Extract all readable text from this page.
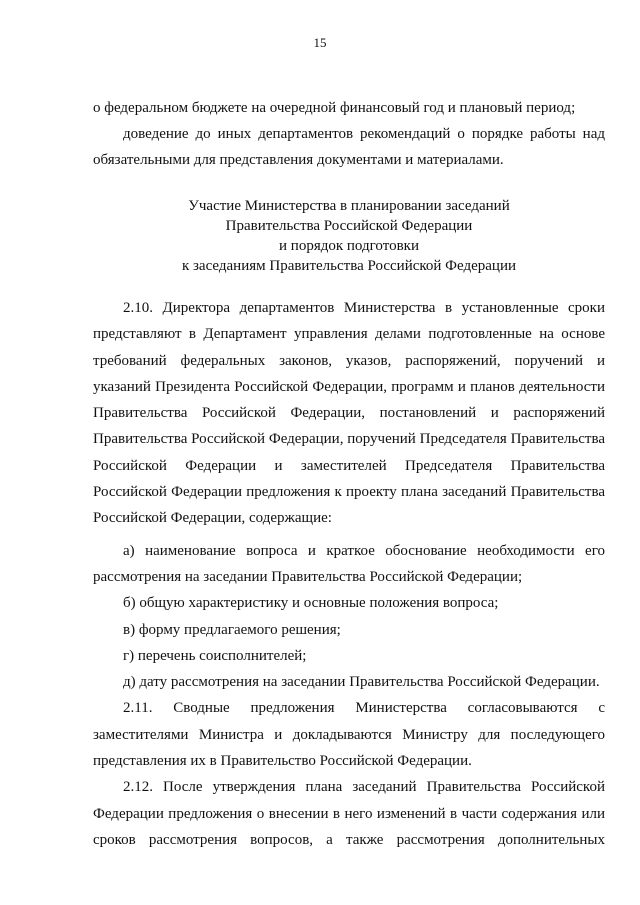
15

о федеральном бюджете на очередной финансовый год и плановый период;

доведение до иных департаментов рекомендаций о порядке работы над обязательными для представления документами и материалами.

Участие Министерства в планировании заседаний
Правительства Российской Федерации
и порядок подготовки
к заседаниям Правительства Российской Федерации

2.10. Директора департаментов Министерства в установленные сроки представляют в Департамент управления делами подготовленные на основе требований федеральных законов, указов, распоряжений, поручений и указаний Президента Российской Федерации, программ и планов деятельности Правительства Российской Федерации, постановлений и распоряжений Правительства Российской Федерации, поручений Председателя Правительства Российской Федерации и заместителей Председателя Правительства Российской Федерации предложения к проекту плана заседаний Правительства Российской Федерации, содержащие:

а) наименование вопроса и краткое обоснование необходимости его рассмотрения на заседании Правительства Российской Федерации;

б) общую характеристику и основные положения вопроса;

в) форму предлагаемого решения;

г) перечень соисполнителей;

д) дату рассмотрения на заседании Правительства Российской Федерации.

2.11. Сводные предложения Министерства согласовываются с заместителями Министра и докладываются Министру для последующего представления их в Правительство Российской Федерации.

2.12. После утверждения плана заседаний Правительства Российской Федерации предложения о внесении в него изменений в части содержания или сроков рассмотрения вопросов, а также рассмотрения дополнительных
